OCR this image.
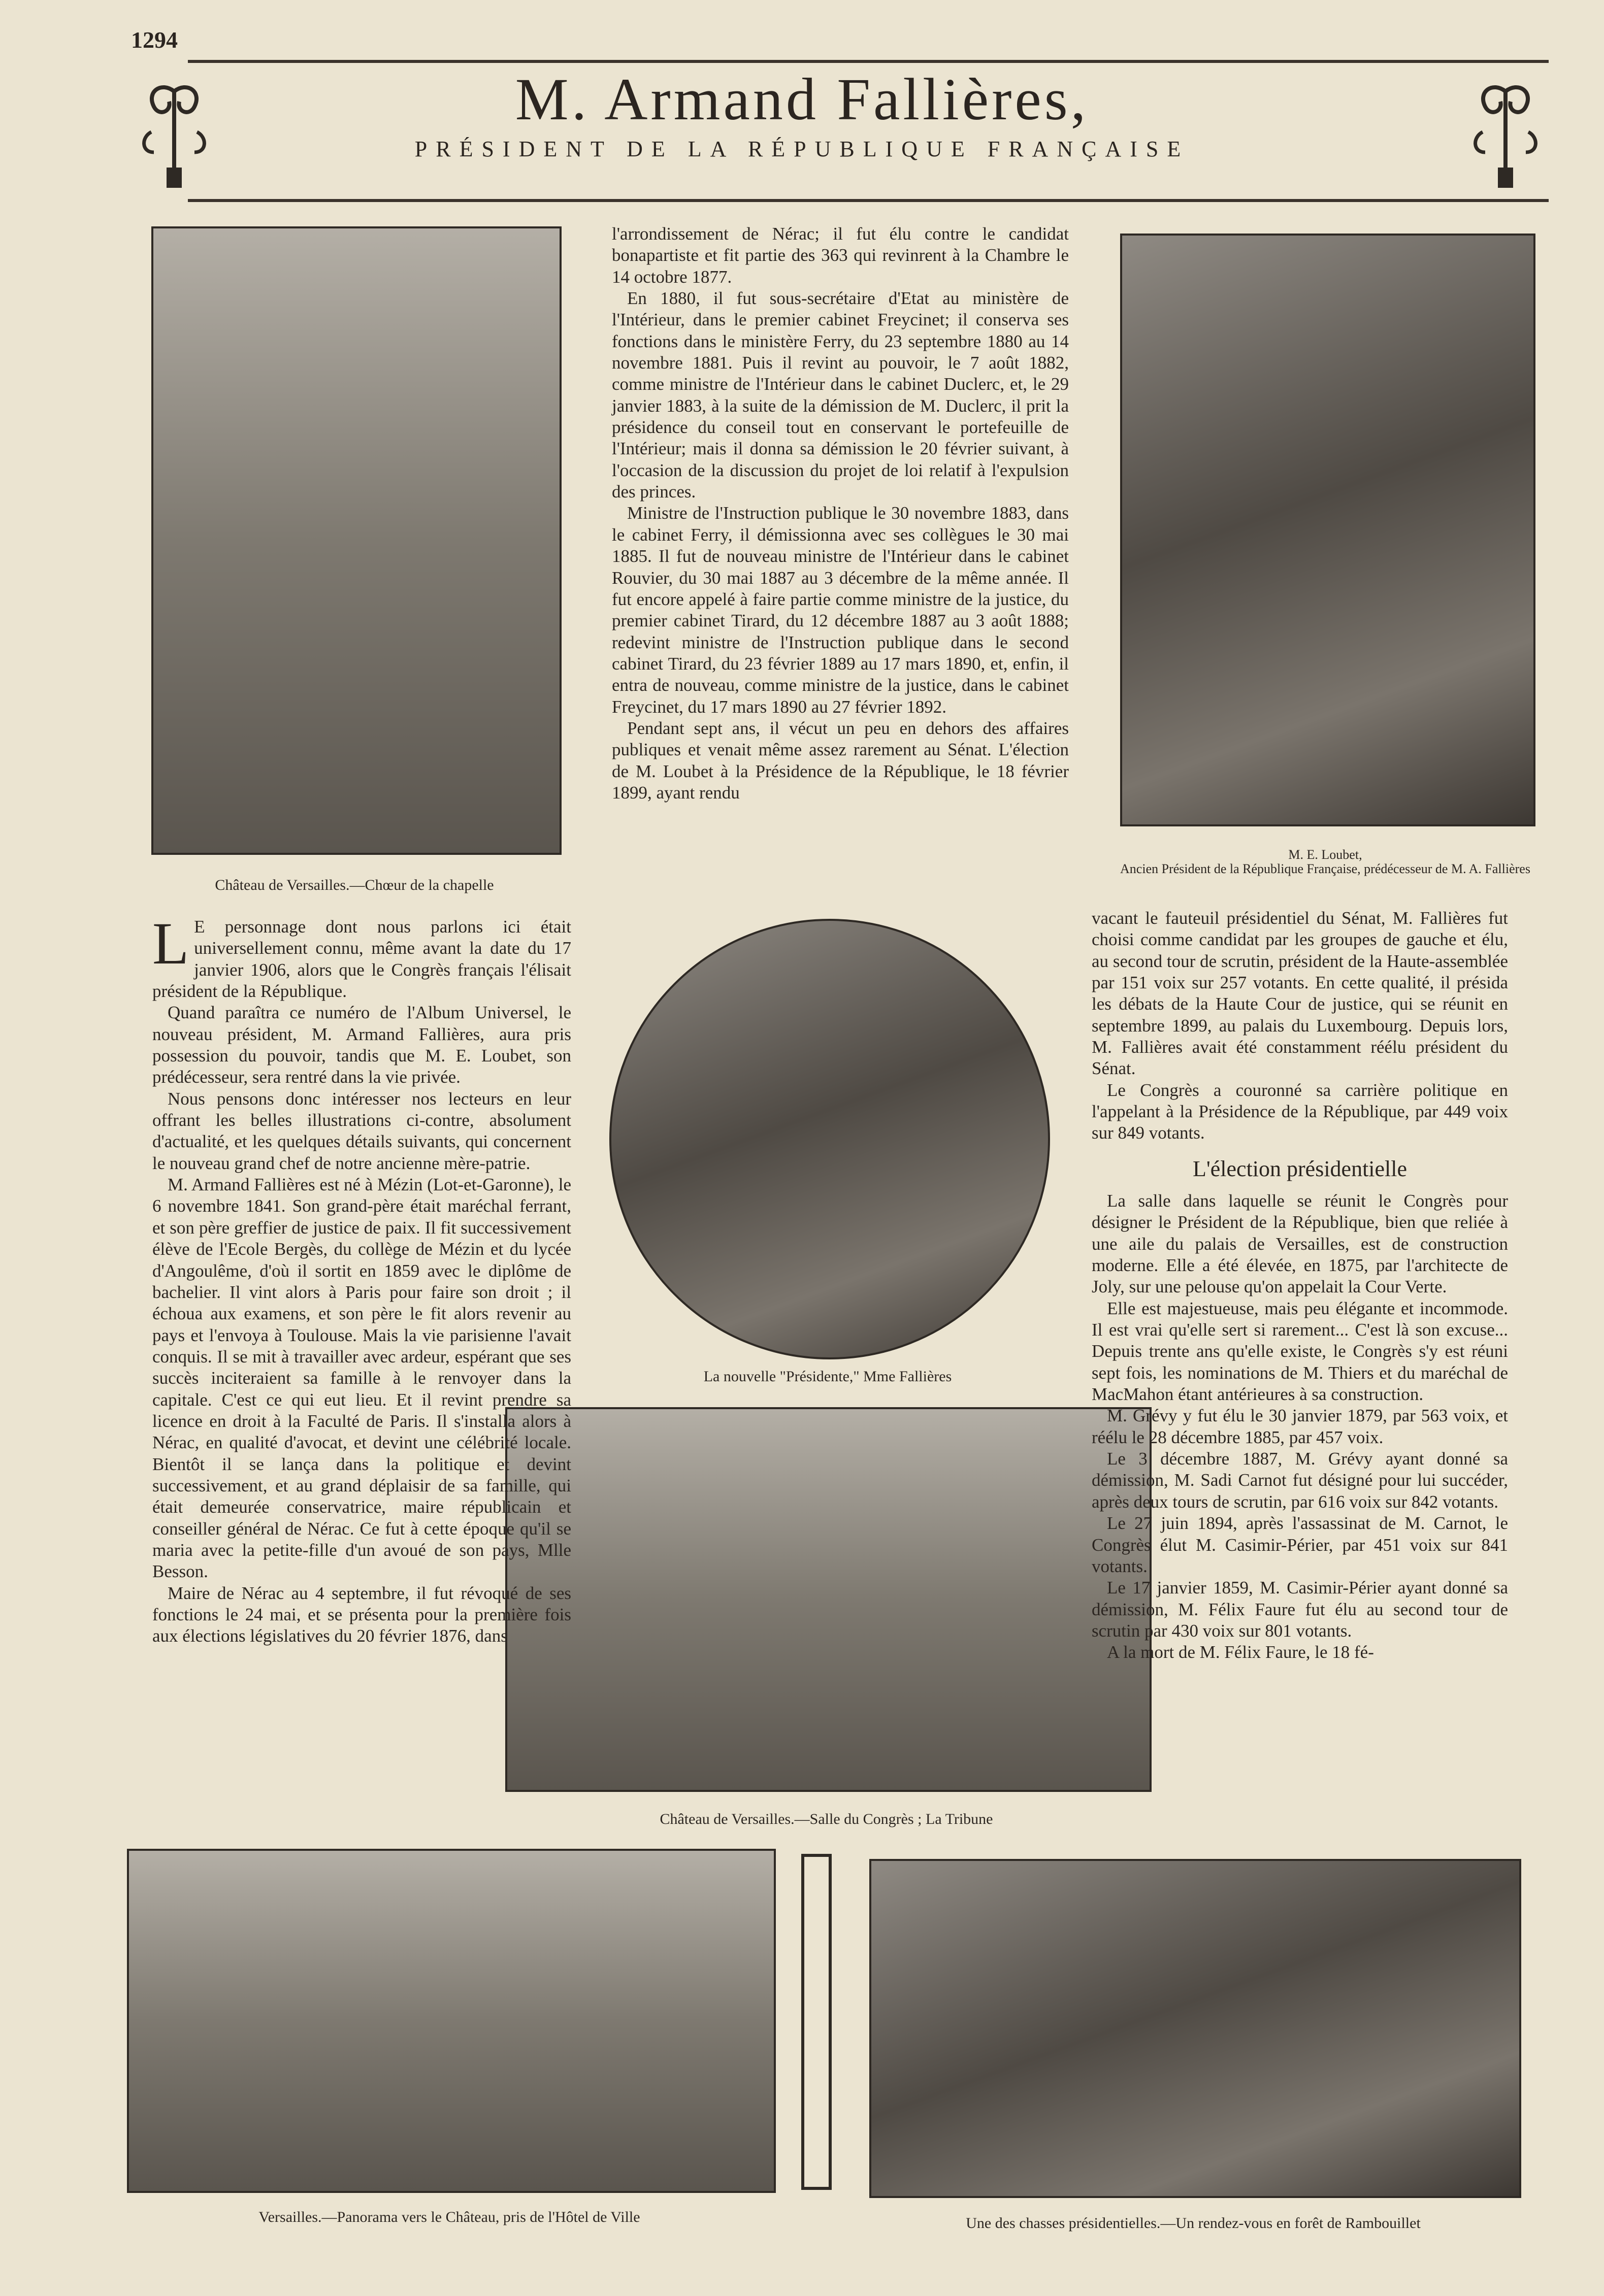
1294
M. Armand Fallières,
PRÉSIDENT DE LA RÉPUBLIQUE FRANÇAISE
Château de Versailles.—Chœur de la chapelle
M. E. Loubet,
Ancien Président de la République Française, prédécesseur de M. A. Fallières
La nouvelle "Présidente," Mme Fallières
Château de Versailles.—Salle du Congrès ; La Tribune
Versailles.—Panorama vers le Château, pris de l'Hôtel de Ville	Une des chasses présidentielles.—Un rendez-vous en forêt de Rambouillet

L E personnage dont nous parlons ici était universellement connu, même avant la date du 17 janvier 1906, alors que le Congrès français l'élisait président de la République.

Quand paraîtra ce numéro de l'Album Universel, le nouveau président, M. Armand Fallières, aura pris possession du pouvoir, tandis que M. E. Loubet, son prédécesseur, sera rentré dans la vie privée.

Nous pensons donc intéresser nos lecteurs en leur offrant les belles illustrations ci-contre, absolument d'actualité, et les quelques détails suivants, qui concernent le nouveau grand chef de notre ancienne mère-patrie.

M. Armand Fallières est né à Mézin (Lot-et-Garonne), le 6 novembre 1841. Son grand-père était maréchal ferrant, et son père greffier de justice de paix. Il fit successivement élève de l'Ecole Bergès, du collège de Mézin et du lycée d'Angoulême, d'où il sortit en 1859 avec le diplôme de bachelier. Il vint alors à Paris pour faire son droit ; il échoua aux examens, et son père le fit alors revenir au pays et l'envoya à Toulouse. Mais la vie parisienne l'avait conquis. Il se mit à travailler avec ardeur, espérant que ses succès inciteraient sa famille à le renvoyer dans la capitale. C'est ce qui eut lieu. Et il revint prendre sa licence en droit à la Faculté de Paris. Il s'installa alors à Nérac, en qualité d'avocat, et devint une célébrité locale. Bientôt il se lança dans la politique et devint successivement, et au grand déplaisir de sa famille, qui était demeurée conservatrice, maire républicain et conseiller général de Nérac. Ce fut à cette époque qu'il se maria avec la petite-fille d'un avoué de son pays, Mlle Besson.

Maire de Nérac au 4 septembre, il fut révoqué de ses fonctions le 24 mai, et se présenta pour la première fois aux élections législatives du 20 février 1876, dans

l'arrondissement de Nérac; il fut élu contre le candidat bonapartiste et fit partie des 363 qui revinrent à la Chambre le 14 octobre 1877.

En 1880, il fut sous-secrétaire d'Etat au ministère de l'Intérieur, dans le premier cabinet Freycinet; il conserva ses fonctions dans le ministère Ferry, du 23 septembre 1880 au 14 novembre 1881. Puis il revint au pouvoir, le 7 août 1882, comme ministre de l'Intérieur dans le cabinet Duclerc, et, le 29 janvier 1883, à la suite de la démission de M. Duclerc, il prit la présidence du conseil tout en conservant le portefeuille de l'Intérieur; mais il donna sa démission le 20 février suivant, à l'occasion de la discussion du projet de loi relatif à l'expulsion des princes.

Ministre de l'Instruction publique le 30 novembre 1883, dans le cabinet Ferry, il démissionna avec ses collègues le 30 mai 1885. Il fut de nouveau ministre de l'Intérieur dans le cabinet Rouvier, du 30 mai 1887 au 3 décembre de la même année. Il fut encore appelé à faire partie comme ministre de la justice, du premier cabinet Tirard, du 12 décembre 1887 au 3 août 1888; redevint ministre de l'Instruction publique dans le second cabinet Tirard, du 23 février 1889 au 17 mars 1890, et, enfin, il entra de nouveau, comme ministre de la justice, dans le cabinet Freycinet, du 17 mars 1890 au 27 février 1892.

Pendant sept ans, il vécut un peu en dehors des affaires publiques et venait même assez rarement au Sénat. L'élection de M. Loubet à la Présidence de la République, le 18 février 1899, ayant rendu

vacant le fauteuil présidentiel du Sénat, M. Fallières fut choisi comme candidat par les groupes de gauche et élu, au second tour de scrutin, président de la Haute-assemblée par 151 voix sur 257 votants. En cette qualité, il présida les débats de la Haute Cour de justice, qui se réunit en septembre 1899, au palais du Luxembourg. Depuis lors, M. Fallières avait été constamment réélu président du Sénat.

Le Congrès a couronné sa carrière politique en l'appelant à la Présidence de la République, par 449 voix sur 849 votants.

L'élection présidentielle

La salle dans laquelle se réunit le Congrès pour désigner le Président de la République, bien que reliée à une aile du palais de Versailles, est de construction moderne. Elle a été élevée, en 1875, par l'architecte de Joly, sur une pelouse qu'on appelait la Cour Verte.

Elle est majestueuse, mais peu élégante et incommode. Il est vrai qu'elle sert si rarement... C'est là son excuse... Depuis trente ans qu'elle existe, le Congrès s'y est réuni sept fois, les nominations de M. Thiers et du maréchal de MacMahon étant antérieures à sa construction.

M. Grévy y fut élu le 30 janvier 1879, par 563 voix, et réélu le 28 décembre 1885, par 457 voix.

Le 3 décembre 1887, M. Grévy ayant donné sa démission, M. Sadi Carnot fut désigné pour lui succéder, après deux tours de scrutin, par 616 voix sur 842 votants.

Le 27 juin 1894, après l'assassinat de M. Carnot, le Congrès élut M. Casimir-Périer, par 451 voix sur 841 votants.

Le 17 janvier 1859, M. Casimir-Périer ayant donné sa démission, M. Félix Faure fut élu au second tour de scrutin par 430 voix sur 801 votants.

A la mort de M. Félix Faure, le 18 fé-
